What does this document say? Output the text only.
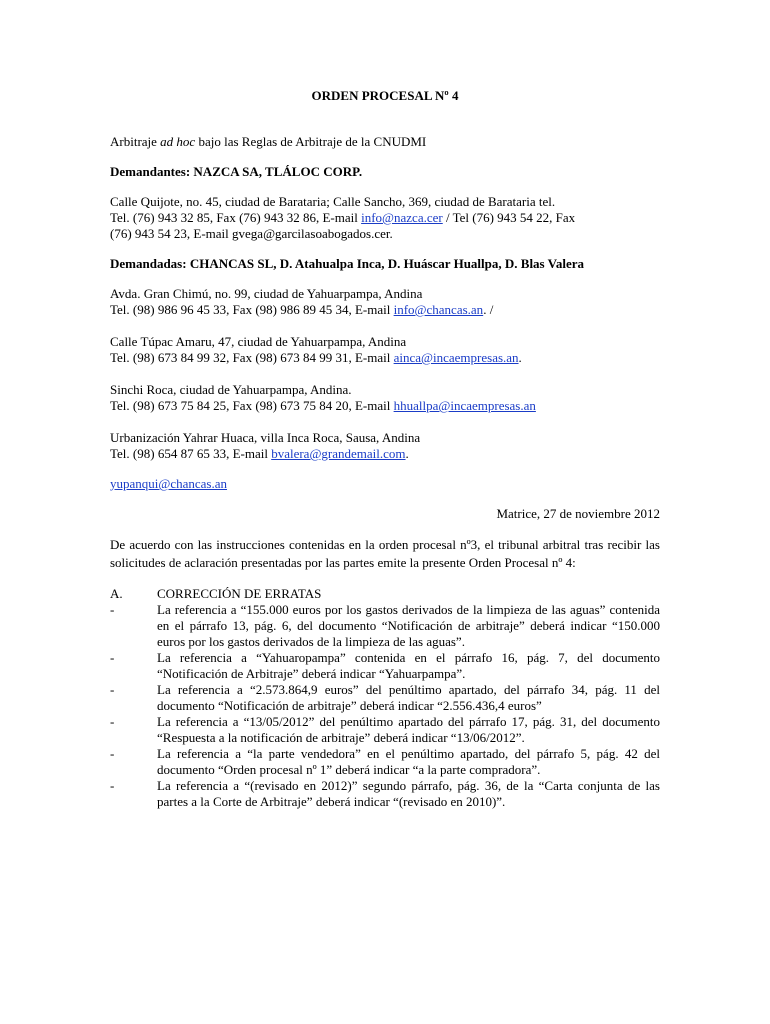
ORDEN PROCESAL Nº 4

Arbitraje ad hoc bajo las Reglas de Arbitraje de la CNUDMI

Demandantes: NAZCA SA, TLÁLOC CORP.

Calle Quijote, no. 45, ciudad de Barataria; Calle Sancho, 369, ciudad de Barataria tel.

Tel. (76) 943 32 85, Fax (76) 943 32 86, E-mail info@nazca.cer / Tel (76) 943 54 22, Fax

(76) 943 54 23, E-mail gvega@garcilasoabogados.cer.

Demandadas: CHANCAS SL, D. Atahualpa Inca, D. Huáscar Huallpa, D. Blas Valera

Avda. Gran Chimú, no. 99, ciudad de Yahuarpampa, Andina

Tel. (98) 986 96 45 33, Fax (98) 986 89 45 34, E-mail info@chancas.an. /

Calle Túpac Amaru, 47, ciudad de Yahuarpampa, Andina

Tel. (98) 673 84 99 32, Fax (98) 673 84 99 31, E-mail ainca@incaempresas.an.

Sinchi Roca, ciudad de Yahuarpampa, Andina.

Tel. (98) 673 75 84 25, Fax (98) 673 75 84 20, E-mail hhuallpa@incaempresas.an

Urbanización Yahrar Huaca, villa Inca Roca, Sausa, Andina

Tel. (98) 654 87 65 33, E-mail bvalera@grandemail.com.

yupanqui@chancas.an

Matrice, 27 de noviembre 2012

De acuerdo con las instrucciones contenidas en la orden procesal nº3, el tribunal arbitral tras recibir las solicitudes de aclaración presentadas por las partes emite la presente Orden Procesal nº 4:

A.	CORRECCIÓN DE ERRATAS
-	La referencia a “155.000 euros por los gastos derivados de la limpieza de las aguas” contenida en el párrafo 13, pág. 6, del documento “Notificación de arbitraje” deberá indicar “150.000 euros por los gastos derivados de la limpieza de las aguas”.
-	La referencia a “Yahuaropampa” contenida en el párrafo 16, pág. 7, del documento “Notificación de Arbitraje” deberá indicar “Yahuarpampa”.
-	La referencia a “2.573.864,9 euros” del penúltimo apartado, del párrafo 34, pág. 11 del documento “Notificación de arbitraje” deberá indicar “2.556.436,4 euros”
-	La referencia a “13/05/2012” del penúltimo apartado del párrafo 17, pág. 31, del documento “Respuesta a la notificación de arbitraje” deberá indicar “13/06/2012”.
-	La referencia a “la parte vendedora” en el penúltimo apartado, del párrafo 5, pág. 42 del documento “Orden procesal nº 1” deberá indicar “a la parte compradora”.
-	La referencia a “(revisado en 2012)” segundo párrafo, pág. 36, de la “Carta conjunta de las partes a la Corte de Arbitraje” deberá indicar “(revisado en 2010)”.
